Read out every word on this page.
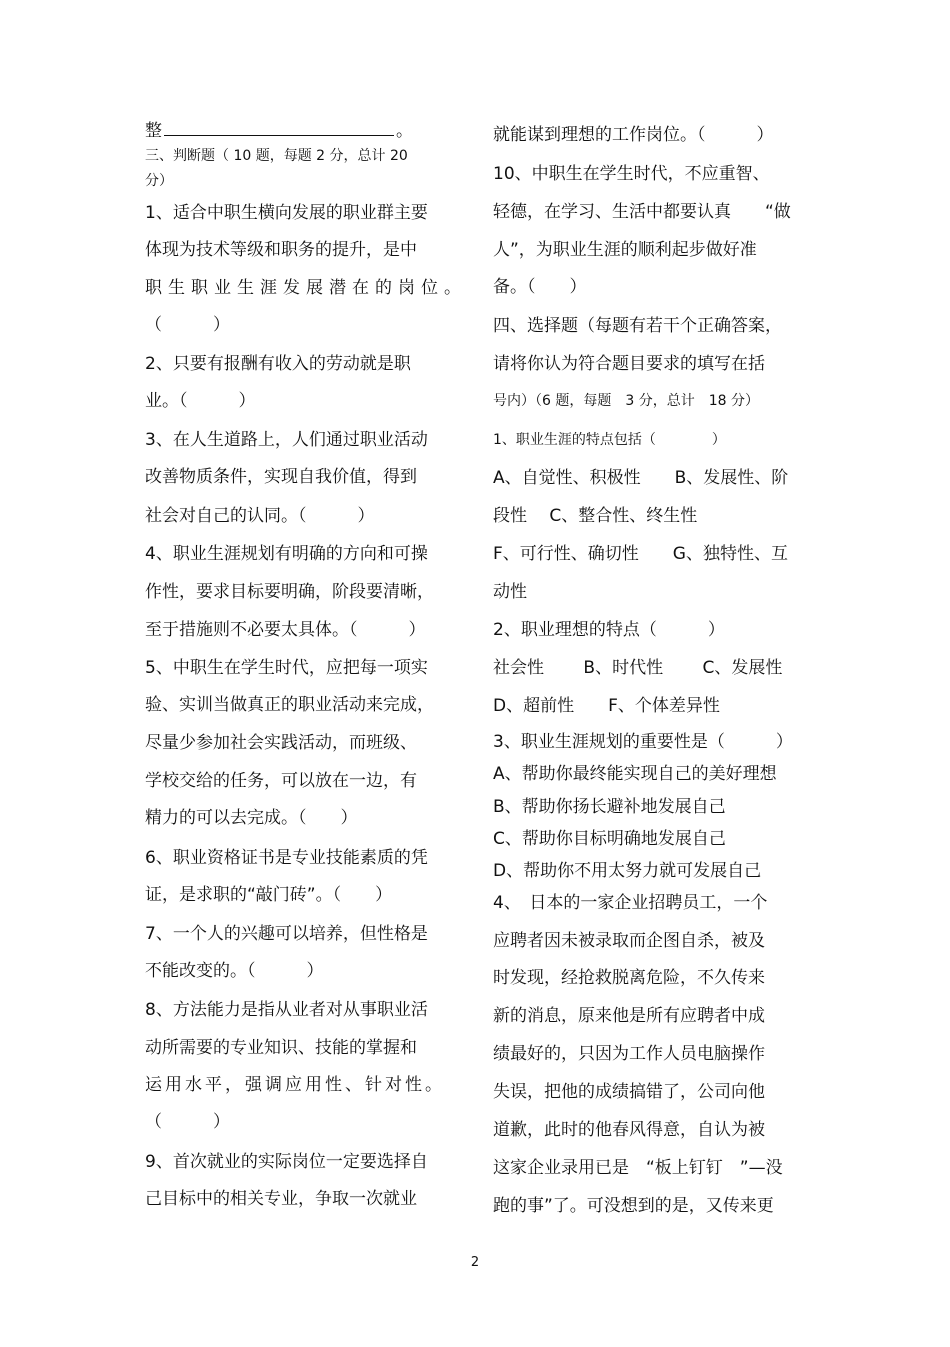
整	。
三、判断题（ 10 题，每题 2 分，总计 20
分）
1、适合中职生横向发展的职业群主要
体现为技术等级和职务的提升，是中
职生职业生涯发展潜在的岗位。
（　　　）
2、只要有报酬有收入的劳动就是职
业。（　　　）
3、在人生道路上，人们通过职业活动
改善物质条件，实现自我价值，得到
社会对自己的认同。（　　　）
4、职业生涯规划有明确的方向和可操
作性，要求目标要明确，阶段要清晰，
至于措施则不必要太具体。（　　　）
5、中职生在学生时代，应把每一项实
验、实训当做真正的职业活动来完成，
尽量少参加社会实践活动，而班级、
学校交给的任务，可以放在一边，有
精力的可以去完成。（　　）
6、职业资格证书是专业技能素质的凭
证，是求职的“敲门砖”。（　　）
7、一个人的兴趣可以培养，但性格是
不能改变的。（　　　）
8、方法能力是指从业者对从事职业活
动所需要的专业知识、技能的掌握和
运用水平，强调应用性、针对性。
（　　　）
9、首次就业的实际岗位一定要选择自
己目标中的相关专业，争取一次就业
就能谋到理想的工作岗位。（　　　）
10、中职生在学生时代，不应重智、
轻德，在学习、生活中都要认真　　“做
人”，为职业生涯的顺利起步做好准
备。（　　）
四、选择题（每题有若干个正确答案，
请将你认为符合题目要求的填写在括
号内）（6 题，每题　3 分，总计　18 分）
1、职业生涯的特点包括（　　　　）
A、自觉性、积极性　　B、发展性、阶
段性　 C、整合性、终生性
F、可行性、确切性　　G、独特性、互
动性
2、职业理想的特点（　　　）
社会性　　 B、时代性　　 C、发展性
D、超前性　　F、个体差异性
3、职业生涯规划的重要性是（　　　）
A、帮助你最终能实现自己的美好理想
B、帮助你扬长避补地发展自己
C、帮助你目标明确地发展自己
D、帮助你不用太努力就可发展自己
4、　日本的一家企业招聘员工，一个
应聘者因未被录取而企图自杀，被及
时发现，经抢救脱离危险，不久传来
新的消息，原来他是所有应聘者中成
绩最好的，只因为工作人员电脑操作
失误，把他的成绩搞错了，公司向他
道歉，此时的他春风得意，自认为被
这家企业录用已是　“板上钉钉　”—没
跑的事”了。可没想到的是，又传来更
2
